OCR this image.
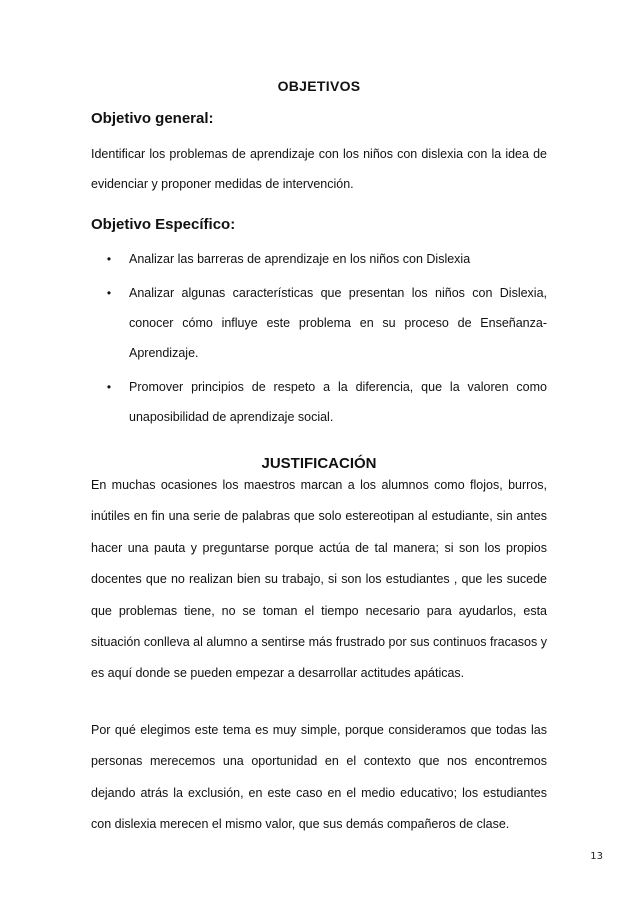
OBJETIVOS
Objetivo general:
Identificar los problemas de aprendizaje con los niños con dislexia con la idea de evidenciar y proponer medidas de intervención.
Objetivo Específico:
• Analizar las barreras de aprendizaje en los niños con Dislexia
• Analizar algunas características que presentan los niños con Dislexia, conocer cómo influye este problema en su proceso de Enseñanza-Aprendizaje.
• Promover principios de respeto a la diferencia, que la valoren como unaposibilidad de aprendizaje social.
JUSTIFICACIÓN
En muchas ocasiones los maestros marcan a los alumnos como flojos, burros, inútiles en fin una serie de palabras que solo estereotipan al estudiante, sin antes hacer una pauta y preguntarse porque actúa de tal manera; si son los propios docentes que no realizan bien su trabajo, si son los estudiantes , que les sucede que problemas tiene, no se toman el tiempo necesario para ayudarlos, esta situación conlleva al alumno a sentirse más frustrado por sus continuos fracasos y es aquí donde se pueden empezar a desarrollar actitudes apáticas.
Por qué elegimos este tema es muy simple, porque consideramos que todas las personas merecemos una oportunidad en el contexto que nos encontremos dejando atrás la exclusión, en este caso en el medio educativo; los estudiantes con dislexia merecen el mismo valor, que sus demás compañeros de clase.
13
